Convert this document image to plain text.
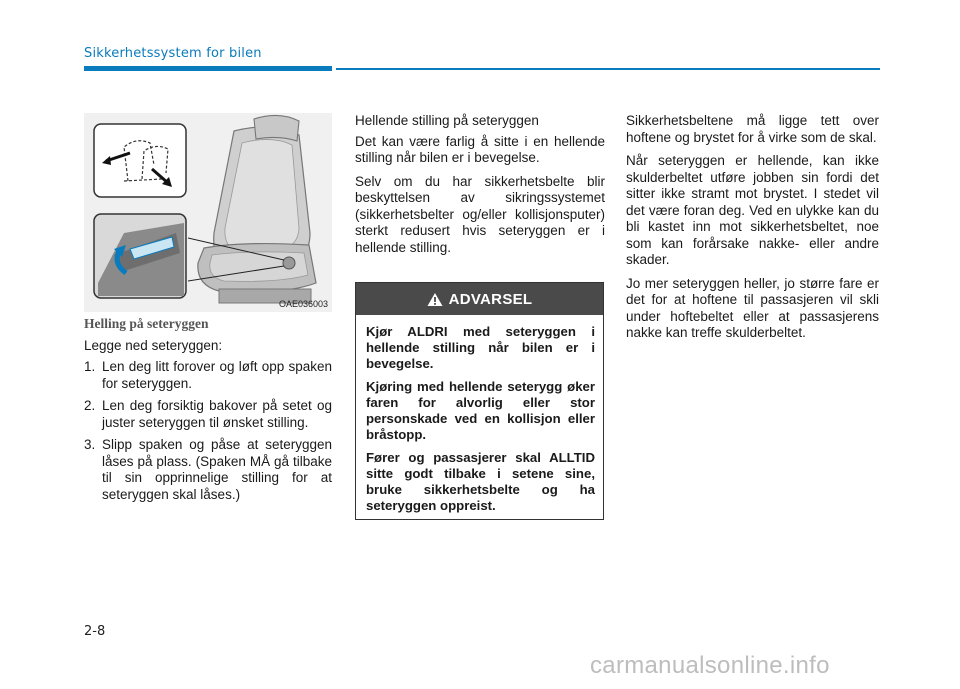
Sikkerhetssystem for bilen
OAE036003
Helling på seteryggen

Legge ned seteryggen:

1. Len deg litt forover og løft opp spaken for seteryggen.
2. Len deg forsiktig bakover på setet og juster seteryggen til ønsket stilling.
3. Slipp spaken og påse at seteryggen låses på plass. (Spaken MÅ gå tilbake til sin opprinnelige stilling for at seteryggen skal låses.)

Hellende stilling på seteryggen

Det kan være farlig å sitte i en hellende stilling når bilen er i bevegelse.

Selv om du har sikkerhetsbelte blir beskyttelsen av sikringssystemet (sikkerhetsbelter og/eller kollisjonsputer) sterkt redusert hvis seteryggen er i hellende stilling.

ADVARSEL

Kjør ALDRI med seteryggen i hellende stilling når bilen er i bevegelse.

Kjøring med hellende seterygg øker faren for alvorlig eller stor personskade ved en kollisjon eller bråstopp.

Fører og passasjerer skal ALLTID sitte godt tilbake i setene sine, bruke sikkerhetsbelte og ha seteryggen oppreist.

Sikkerhetsbeltene må ligge tett over hoftene og brystet for å virke som de skal.

Når seteryggen er hellende, kan ikke skulderbeltet utføre jobben sin fordi det sitter ikke stramt mot brystet. I stedet vil det være foran deg. Ved en ulykke kan du bli kastet inn mot sikkerhetsbeltet, noe som kan forårsake nakke- eller andre skader.

Jo mer seteryggen heller, jo større fare er det for at hoftene til passasjeren vil skli under hoftebeltet eller at passasjerens nakke kan treffe skulderbeltet.

2-8
carmanualsonline.info
